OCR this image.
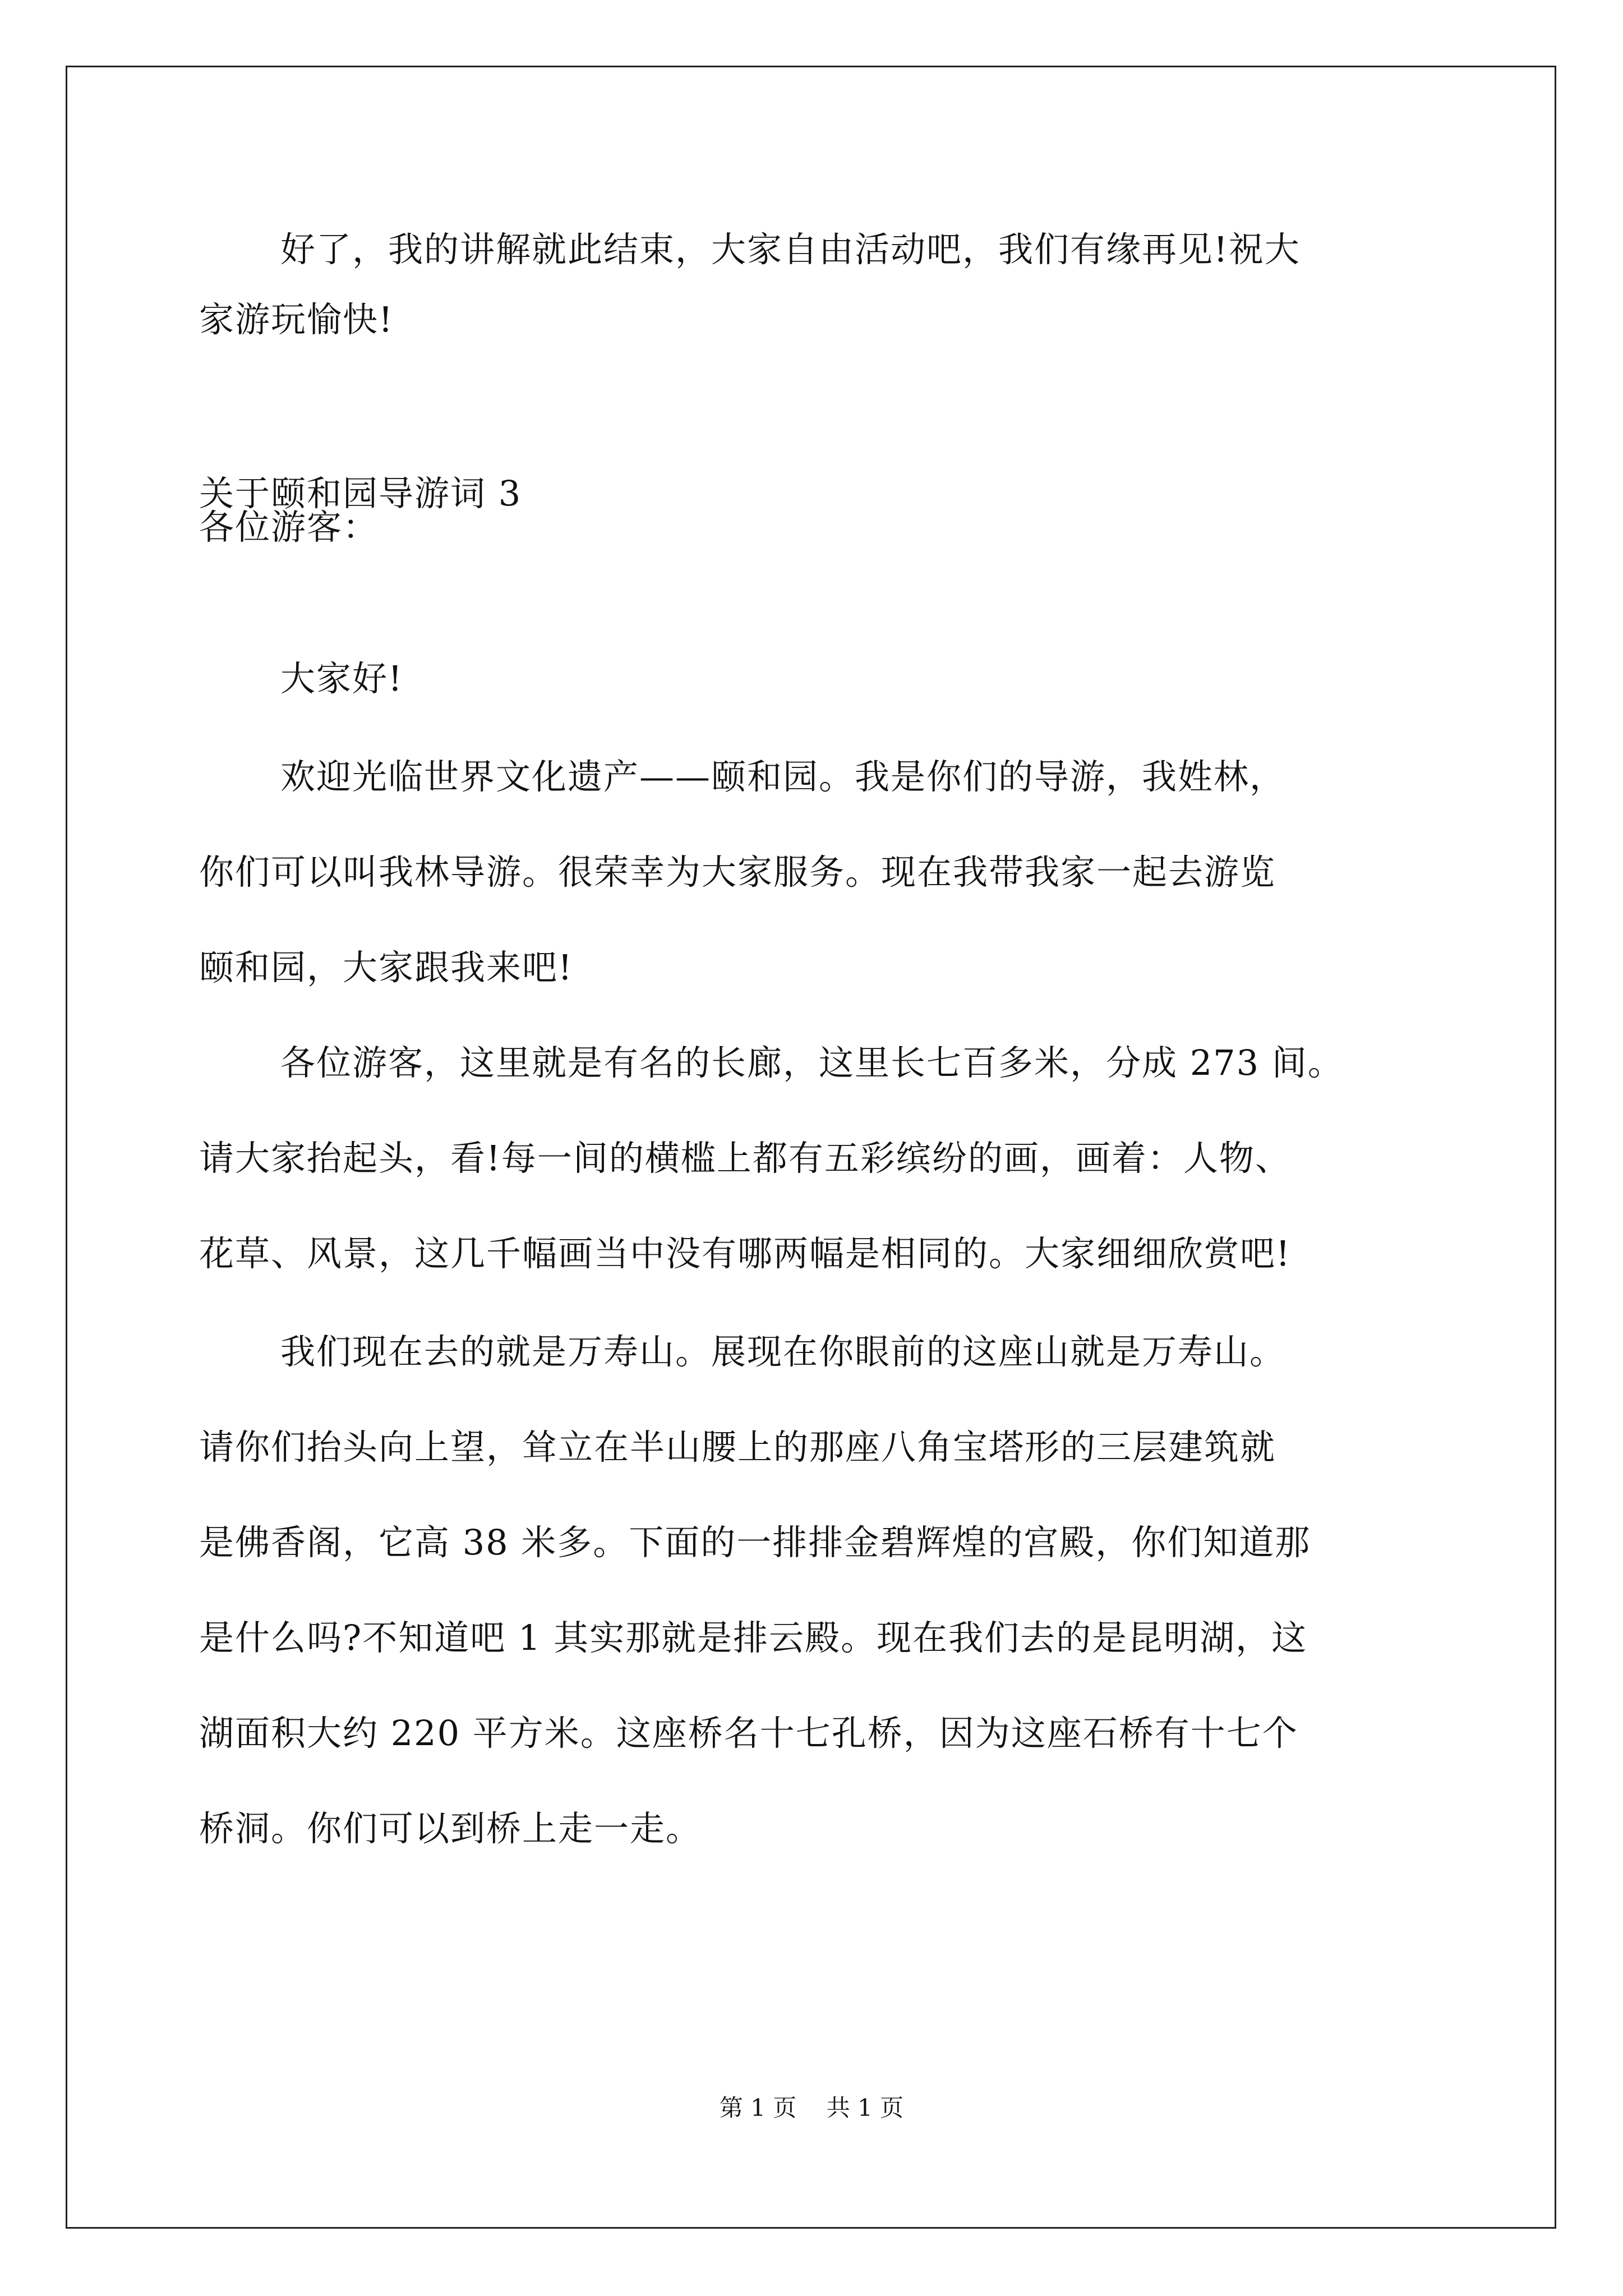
好了，我的讲解就此结束，大家自由活动吧，我们有缘再见!祝大
家游玩愉快!
关于颐和园导游词 3
各位游客：
大家好!
欢迎光临世界文化遗产——颐和园。我是你们的导游，我姓林，
你们可以叫我林导游。很荣幸为大家服务。现在我带我家一起去游览
颐和园，大家跟我来吧!
各位游客，这里就是有名的长廊，这里长七百多米，分成 273 间。
请大家抬起头，看!每一间的横槛上都有五彩缤纷的画，画着：人物、
花草、风景，这几千幅画当中没有哪两幅是相同的。大家细细欣赏吧!
我们现在去的就是万寿山。展现在你眼前的这座山就是万寿山。
请你们抬头向上望，耸立在半山腰上的那座八角宝塔形的三层建筑就
是佛香阁，它高 38 米多。下面的一排排金碧辉煌的宫殿，你们知道那
是什么吗?不知道吧 1 其实那就是排云殿。现在我们去的是昆明湖，这
湖面积大约 220 平方米。这座桥名十七孔桥，因为这座石桥有十七个
桥洞。你们可以到桥上走一走。
第 1 页    共 1 页
